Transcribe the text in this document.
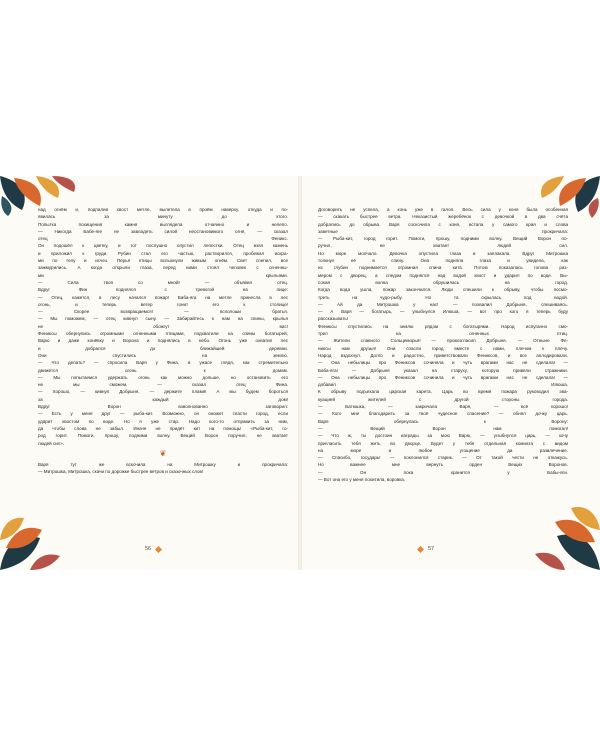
над огнём и, подпалив хвост метле, вылетела в проём наверху, откуда и по-
явилась за минуту до этого.
Попытка похищения камня выглядела отчаянно и нелепо.
— Никогда Бабе-яге не завладеть силой неостановимого огня, — сказал
отец Феникс.
Он подошёл к цветку, и тот послушно опустил лепестки. Отец взял камень
и приложил к груди. Рубин стал его частью, растворился, пробежал искра-
ми по телу и исчез. Перья птицы вспыхнули живым огнём. Свет слепил, все
зажмурились. А когда открыли глаза, перед ними стоял человек с огненны-
ми крыльями.
— Сила твоя со мной! — объявил отец.
Вдруг Фин поднялся с тревогой на лице:
— Отец, кажется, в лесу начался пожар! Баба-яга на метле принесла в лес
огонь, и теперь ветер гонит его к столице!
— Скорее возвращаемся! — всполоши братья.
— Мы поможем, — отец кивнул сыну. — Забирайтесь к нам на спины, крылья
не обожгут вас!
Фениксы обернулись огромными огненными птицами, подхватили на спины богатырей,
Варю и даже конёвку и Ворона и поднялись в небо. Огонь уже охватил лес
и добрался до ближайшей деревни.
Они спустились на землю.
— Что делать? — спросила Варя у Фина, в ужасе глядя, как стремительно
движется огонь к домам.
— Мы попытаемся удержать огонь как можно дольше, но остановить его
не мы сможем, — сказал отец Фина.
— Хорошо, — кивнул Добрыня, — держите пламя! А мы будем бороться
за каждый дом!
Вдруг Ворон взволнованно заговорил:
— Есть у меня друг — рыба-кит. Возможно, он сможет спасти город, если
ударит хвостом по воде. Но я уже стар. Надо кого-то отправить за ним,
да чтобы слова не забыл. Иначе не придёт кит на помощь! «Рыба-кит, го-
род горит. Помоги, прошу, подними волну. Вещий Ворон поручил, не хватает
людей сил».
❦
Варя тут же вскочила на Митрошку и прокричала:
— Митрошка, Митрошка, скачи по дорожке быстрее ветров и сказочных слов!
56
Договорить не успела, а конь уже в галоп. Весь сила у коня была особенная
— скакать быстрее ветра. Неказистый жеребёнок с девочкой в два счёта
добрались до обрыва. Варя соскочила с коня, встала у самого края и слова
заветные прокричала:
— Рыба-кит, город горит. Помоги, прошу, подними волну. Вещий Ворон по-
ручил, не хватает людей сил.
Но море молчало. Девочка опустила глаза и заплакала. Вдруг Митрошка
толкнул её в спину. Она подняла глаза и увидела, как
из глубин поднимается огромная спина кита. Потом показалась голова раз-
мером с дворец, а следом поднялся над водой хвост и ударил по воде. Вы-
сокая волна обрушилась на город.
Когда вода ушла, пожар закончился. Люди спешили к обрыву, чтобы посмо-
треть на чудо-рыбу. Но та скрылась под водой.
— Ай да Митрошка у нас! — похвалил Добрыня, спешиваясь.
— А Варя — богатырь, — улыбнулся Илюша, — вот про кого я теперь буду
рассказывать!
Фениксы спустились на землю рядом с богатырями. Народ испуганно смо-
трел на огненных птиц.
— Жители славного Сольцеморья! — провозгласил Добрыня. — Отныне Фе-
никсы нам друзья! Они спасли город вместе с нами, плечом к плечу.
Народ вздохнул. Долго и радостно, приветствовали Фениксов, и все аплодировали.
— Она небылицы про Фениксов сочиняла и чуть врагами нас не сделала! —
Баба-яга! — Добрыня указал на старуху, которую привели стражники.
— Она небылицы про Фениксов сочинила и чуть врагами нас не сделала! —
добавил Илюша.
К обрыву подъехала царская карета. Царь во время пожара руководил эва-
куацией жителей с другой стороны города.
— Батюшка, — закричала Варя, — всё хорошо!
— Кого мне благодарить за твоё чудесное спасение? — обнял дочку царь.
Варя обернулась к Ворону:
— Вещий Ворон нам помогал!
— Что ж, ты достоин награды за мою Варю, — улыбнулся царь, — хочу
пригласить тебя жить во дворце. Будет у тебя отдельная комната с видом
на море и любое угощение да развлечение.
— Спасибо, государь! — поклонился старик. — От такой чести не откажусь.
Но важнее мне вернуть орден Вещих Воронов.
— Он пока хранится у Бабы-яги.
— Вот она его у меня похитила, воровка.
57
